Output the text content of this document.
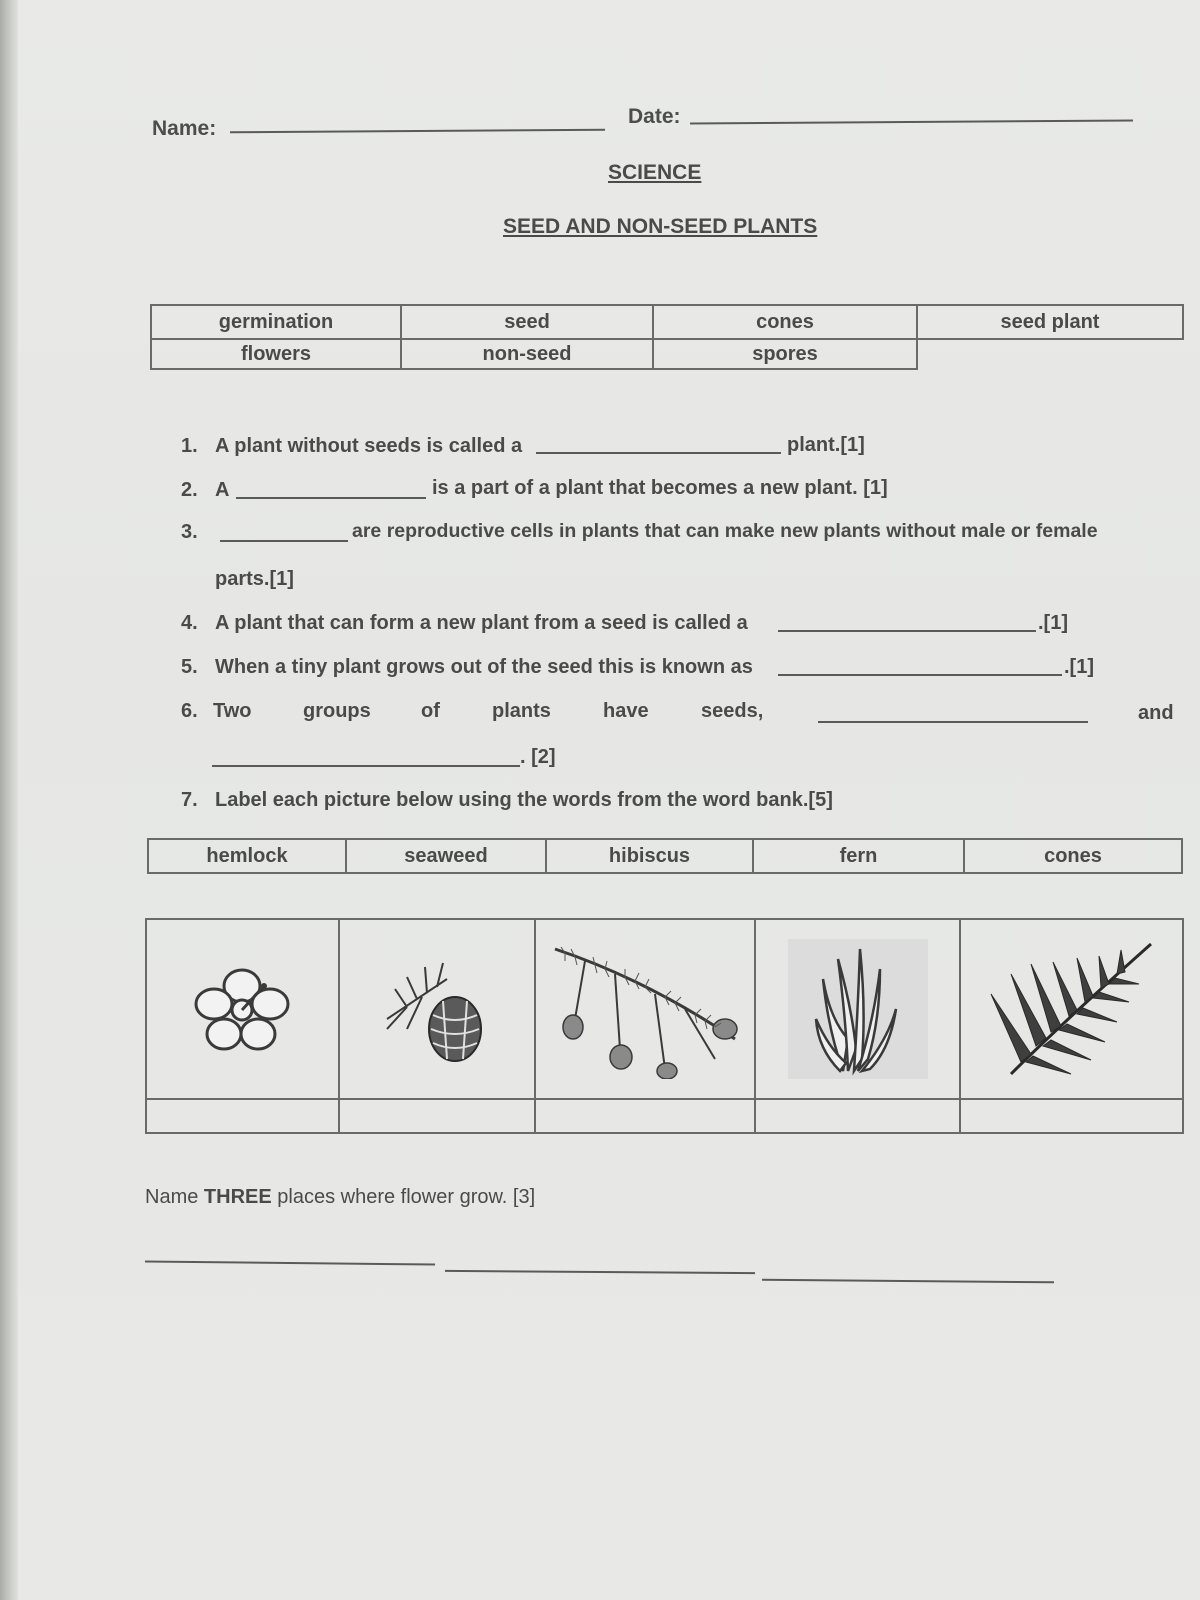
Name:
Date:
SCIENCE
SEED AND NON-SEED PLANTS
germination	seed	cones	seed plant
flowers	non-seed	spores	
1. A plant without seeds is called a	plant.[1]
2. A	is a part of a plant that becomes a new plant. [1]
3.	are reproductive cells in plants that can make new plants without male or female
parts.[1]
4. A plant that can form a new plant from a seed is called a	.[1]
5. When a tiny plant grows out of the seed this is known as	.[1]
6. Two	groups	of	plants	have	seeds,	and
. [2]
7. Label each picture below using the words from the word bank.[5]
hemlock	seaweed	hibiscus	fern	cones
Name THREE places where flower grow. [3]
